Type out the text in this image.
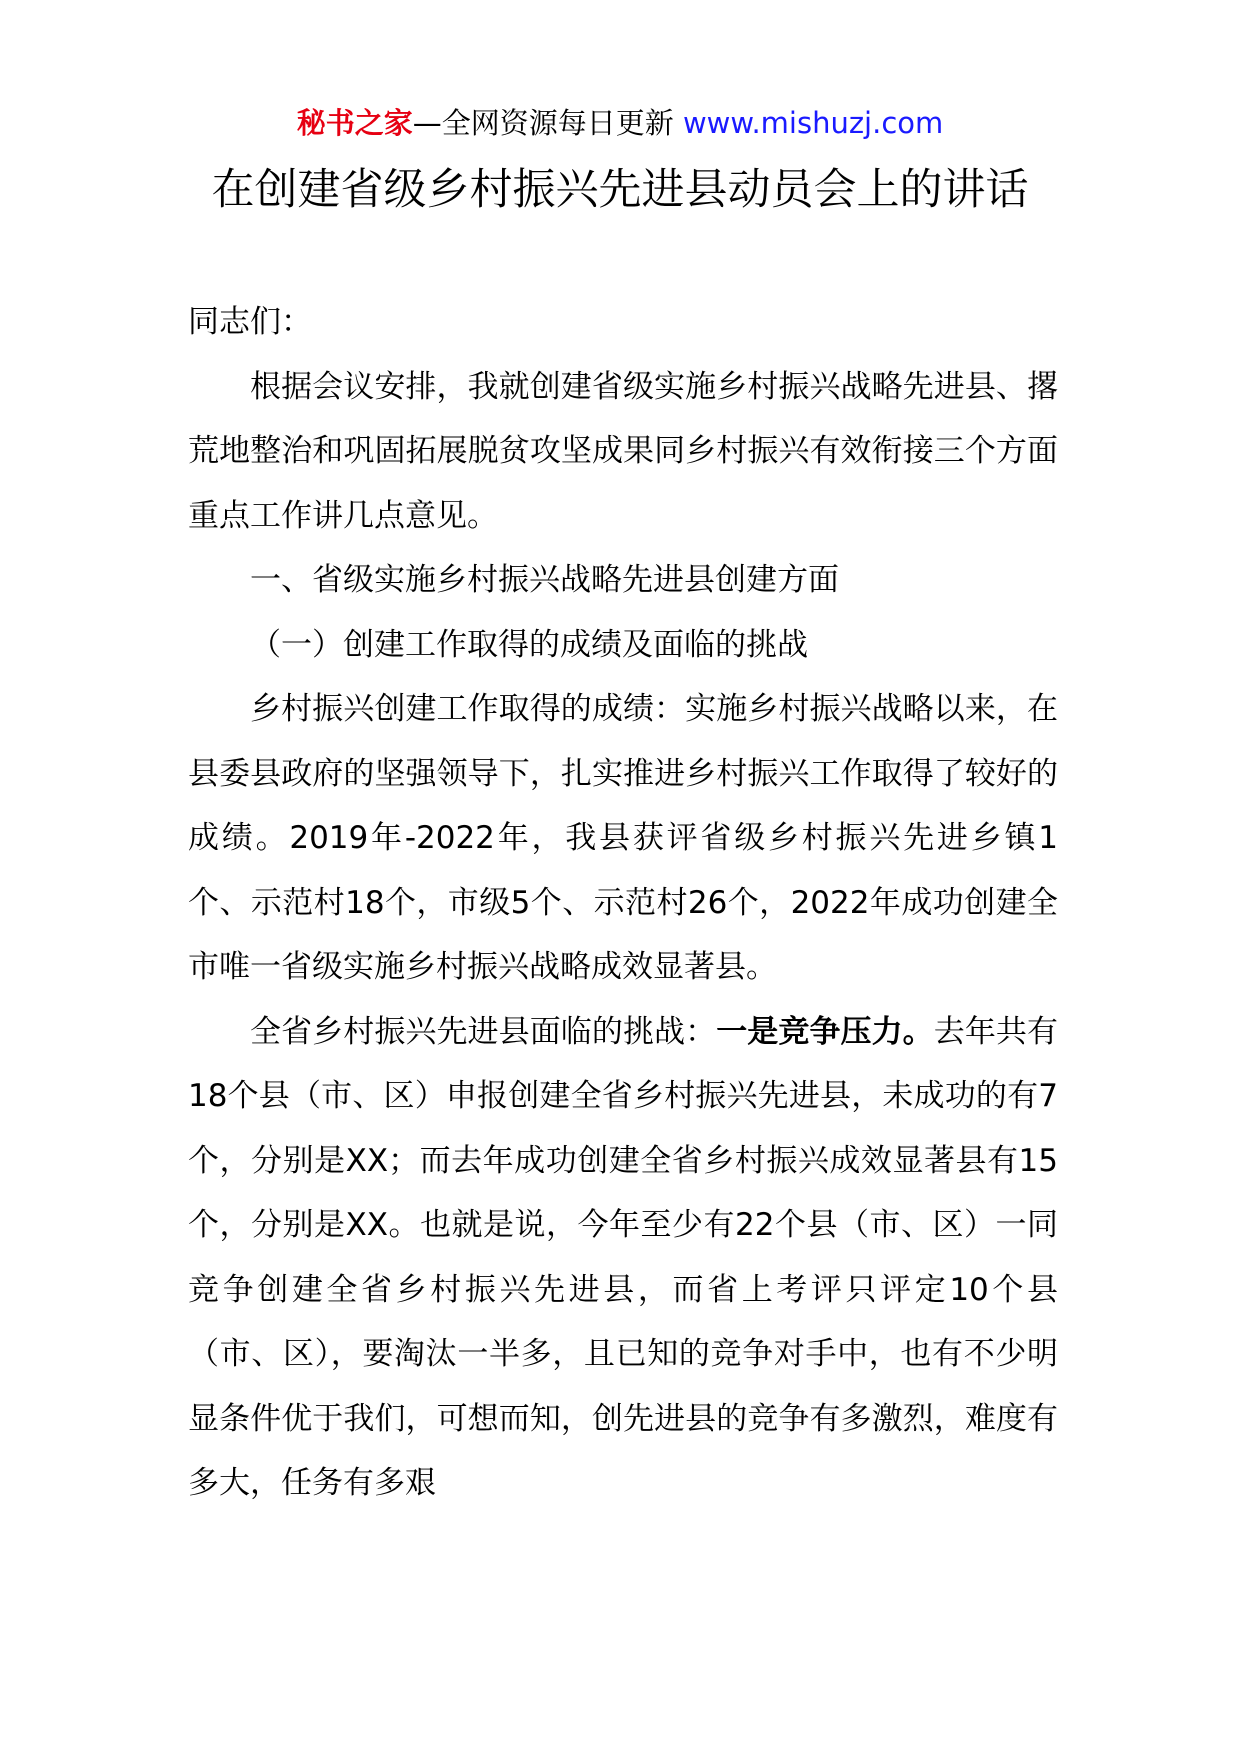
秘书之家—全网资源每日更新 www.mishuzj.com
在创建省级乡村振兴先进县动员会上的讲话

同志们：

根据会议安排，我就创建省级实施乡村振兴战略先进县、撂荒地整治和巩固拓展脱贫攻坚成果同乡村振兴有效衔接三个方面重点工作讲几点意见。

一、省级实施乡村振兴战略先进县创建方面

（一）创建工作取得的成绩及面临的挑战

乡村振兴创建工作取得的成绩：实施乡村振兴战略以来，在县委县政府的坚强领导下，扎实推进乡村振兴工作取得了较好的成绩。2019年-2022年，我县获评省级乡村振兴先进乡镇1个、示范村18个，市级5个、示范村26个，2022年成功创建全市唯一省级实施乡村振兴战略成效显著县。

全省乡村振兴先进县面临的挑战：一是竞争压力。去年共有18个县（市、区）申报创建全省乡村振兴先进县，未成功的有7个，分别是XX；而去年成功创建全省乡村振兴成效显著县有15个，分别是XX。也就是说，今年至少有22个县（市、区）一同竞争创建全省乡村振兴先进县，而省上考评只评定10个县（市、区），要淘汰一半多，且已知的竞争对手中，也有不少明显条件优于我们，可想而知，创先进县的竞争有多激烈，难度有多大，任务有多艰
